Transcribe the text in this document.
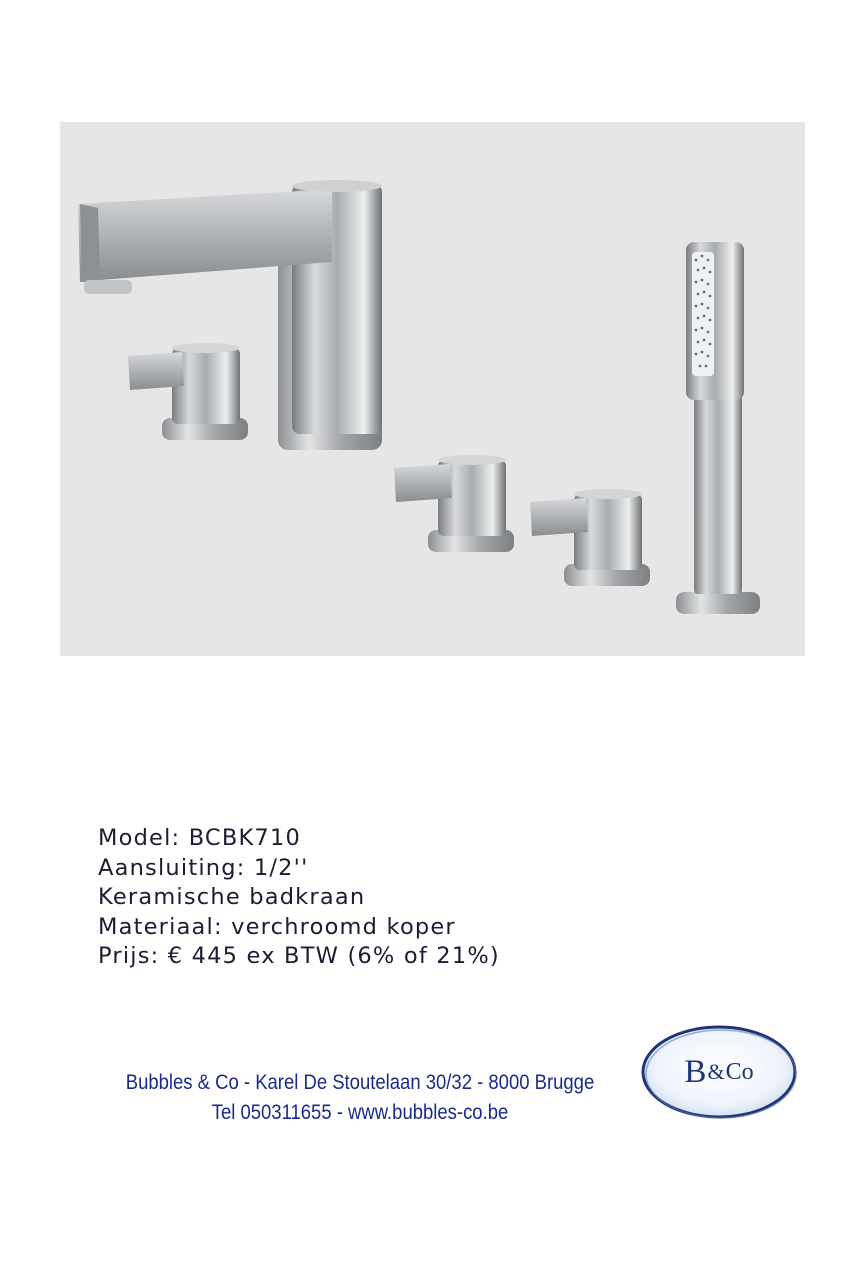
Model: BCBK710
Aansluiting: 1/2''
Keramische badkraan
Materiaal: verchroomd koper
Prijs: € 445 ex BTW (6% of 21%)
Bubbles & Co - Karel De Stoutelaan 30/32 - 8000 Brugge
Tel 050311655 - www.bubbles-co.be
B & Co
